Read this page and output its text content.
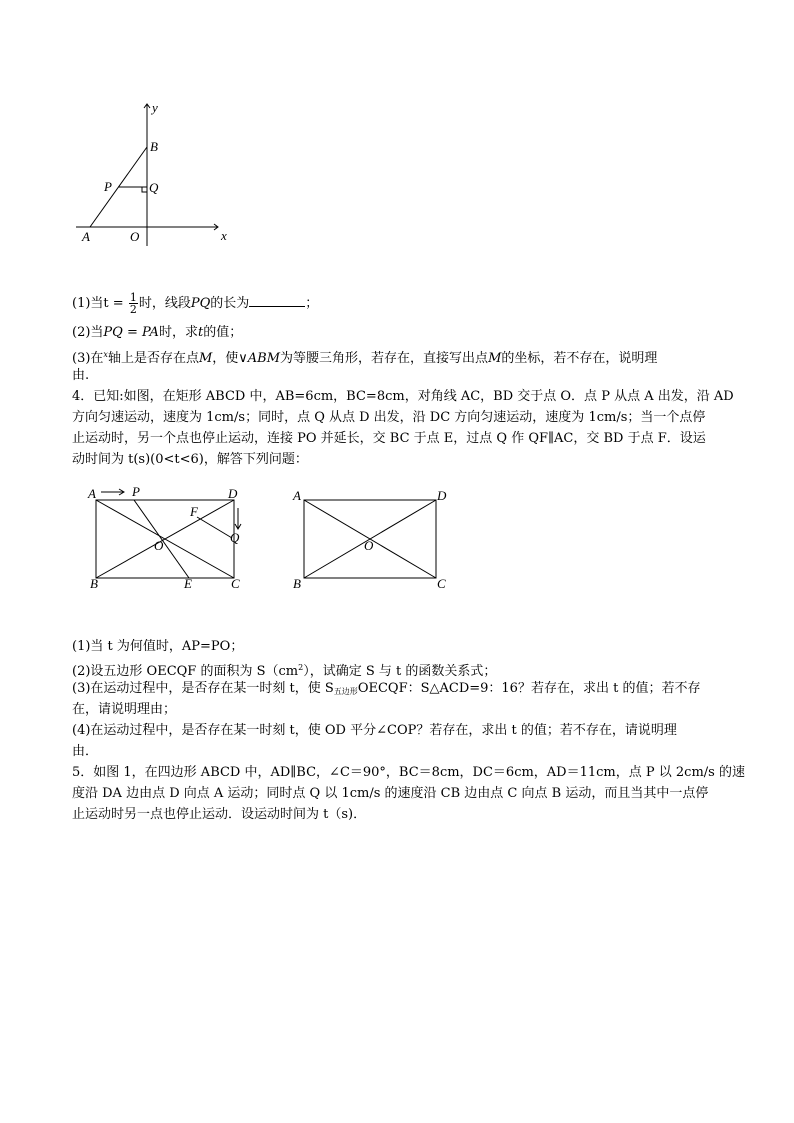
y
x
B
P	Q
A	O
(1)当$t = \frac{1}{2}$ 时，线段PQ的长为	；
(2)当PQ = PA时，求t的值；
(3)在$^x$轴上是否存在点M，使∨ABM为等腰三角形，若存在，直接写出点M的坐标，若不存在，说明理
由.
4．已知:如图，在矩形 ABCD 中，AB=6cm，BC=8cm，对角线 AC，BD 交于点 O．点 P 从点 A 出发，沿 AD
方向匀速运动，速度为 1cm/s；同时，点 Q 从点 D 出发，沿 DC 方向匀速运动，速度为 1cm/s；当一个点停
止运动时，另一个点也停止运动，连接 PO 并延长，交 BC 于点 E，过点 Q 作 QF∥AC，交 BD 于点 F．设运
动时间为 t(s)(0<t<6)，解答下列问题：
A	P	D
F
Q
O
B	E	C
A	D
O
B	C
(1)当 t 为何值时，AP=PO；
(2)设五边形 OECQF 的面积为 $S(cm^2)$，试确定 S 与 t 的函数关系式；
(3)在运动过程中，是否存在某一时刻 t，使 $S_{五边形}OECQF$：S△ACD=9：16？若存在，求出 t 的值；若不存
在，请说明理由；
(4)在运动过程中，是否存在某一时刻 t，使 OD 平分∠COP？若存在，求出 t 的值；若不存在，请说明理
由．
5．如图 1，在四边形 ABCD 中，AD∥BC，∠C＝90°，BC＝8cm，DC＝6cm，AD＝11cm，点 P 以 2cm/s 的速
度沿 DA 边由点 D 向点 A 运动；同时点 Q 以 1cm/s 的速度沿 CB 边由点 C 向点 B 运动，而且当其中一点停
止运动时另一点也停止运动．设运动时间为 t（s)．
